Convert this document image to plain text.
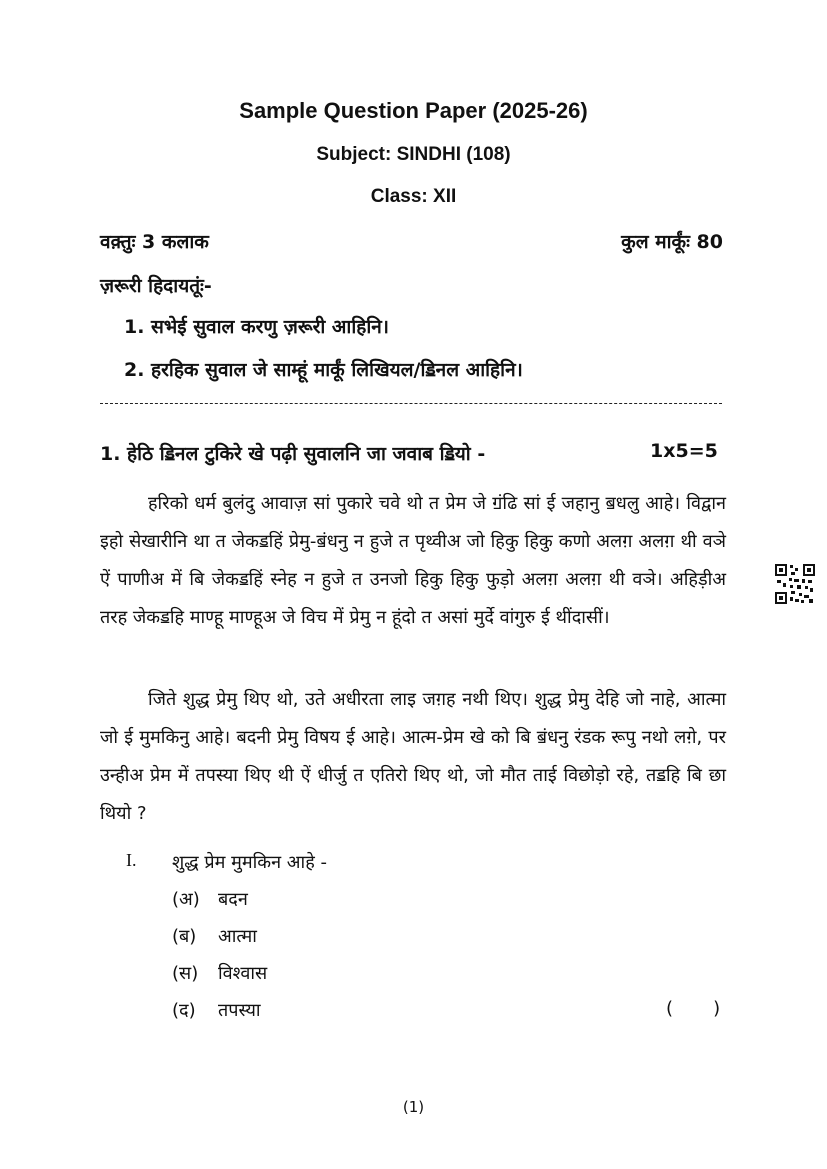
Sample Question Paper (2025-26)
Subject: SINDHI (108)
Class: XII
वक़्तुः 3 कलाक	कुल मार्कूंः 80
ज़रूरी हिदायतूंः-
1. सभेई सुवाल करणु ज़रूरी आहिनि।
2. हरहिक सुवाल जे साम्हूं मार्कूं लिखियल/ॾिनल आहिनि।
1. हेठि ॾिनल टुकिरे खे पढ़ी सुवालनि जा जवाब ॾियो -	1x5=5
हरिको धर्म बुलंदु आवाज़ सां पुकारे चवे थो त प्रेम जे ॻंढि सां ई जहानु ॿधलु आहे। विद्वान इहो सेखारीनि था त जेकॾहिं प्रेमु-ॿंधनु न हुजे त पृथ्वीअ जो हिकु हिकु कणो अलग़ अलग़ थी वञे ऐं पाणीअ में बि जेकॾहिं स्नेह न हुजे त उनजो हिकु हिकु फुड़ो अलग़ अलग़ थी वञे। अहिड़ीअ तरह जेकॾहि माण्हू माण्हूअ जे विच में प्रेमु न हूंदो त असां मुर्दे वांगुरु ई थींदासीं।
जिते शुद्ध प्रेमु थिए थो, उते अधीरता लाइ जग़ह नथी थिए। शुद्ध प्रेमु देहि जो नाहे, आत्मा जो ई मुमकिनु आहे। बदनी प्रेमु विषय ई आहे। आत्म-प्रेम खे को बि ॿंधनु रंडक रूपु नथो लग़े, पर उन्हीअ प्रेम में तपस्या थिए थी ऐं धीर्जु त एतिरो थिए थो, जो मौत ताई विछोड़ो रहे, तॾहि बि छा थियो ?
I. शुद्ध प्रेम मुमकिन आहे -
(अ) बदन
(ब) आत्मा
(स) विश्वास
(द) तपस्या	(       )
(1)
